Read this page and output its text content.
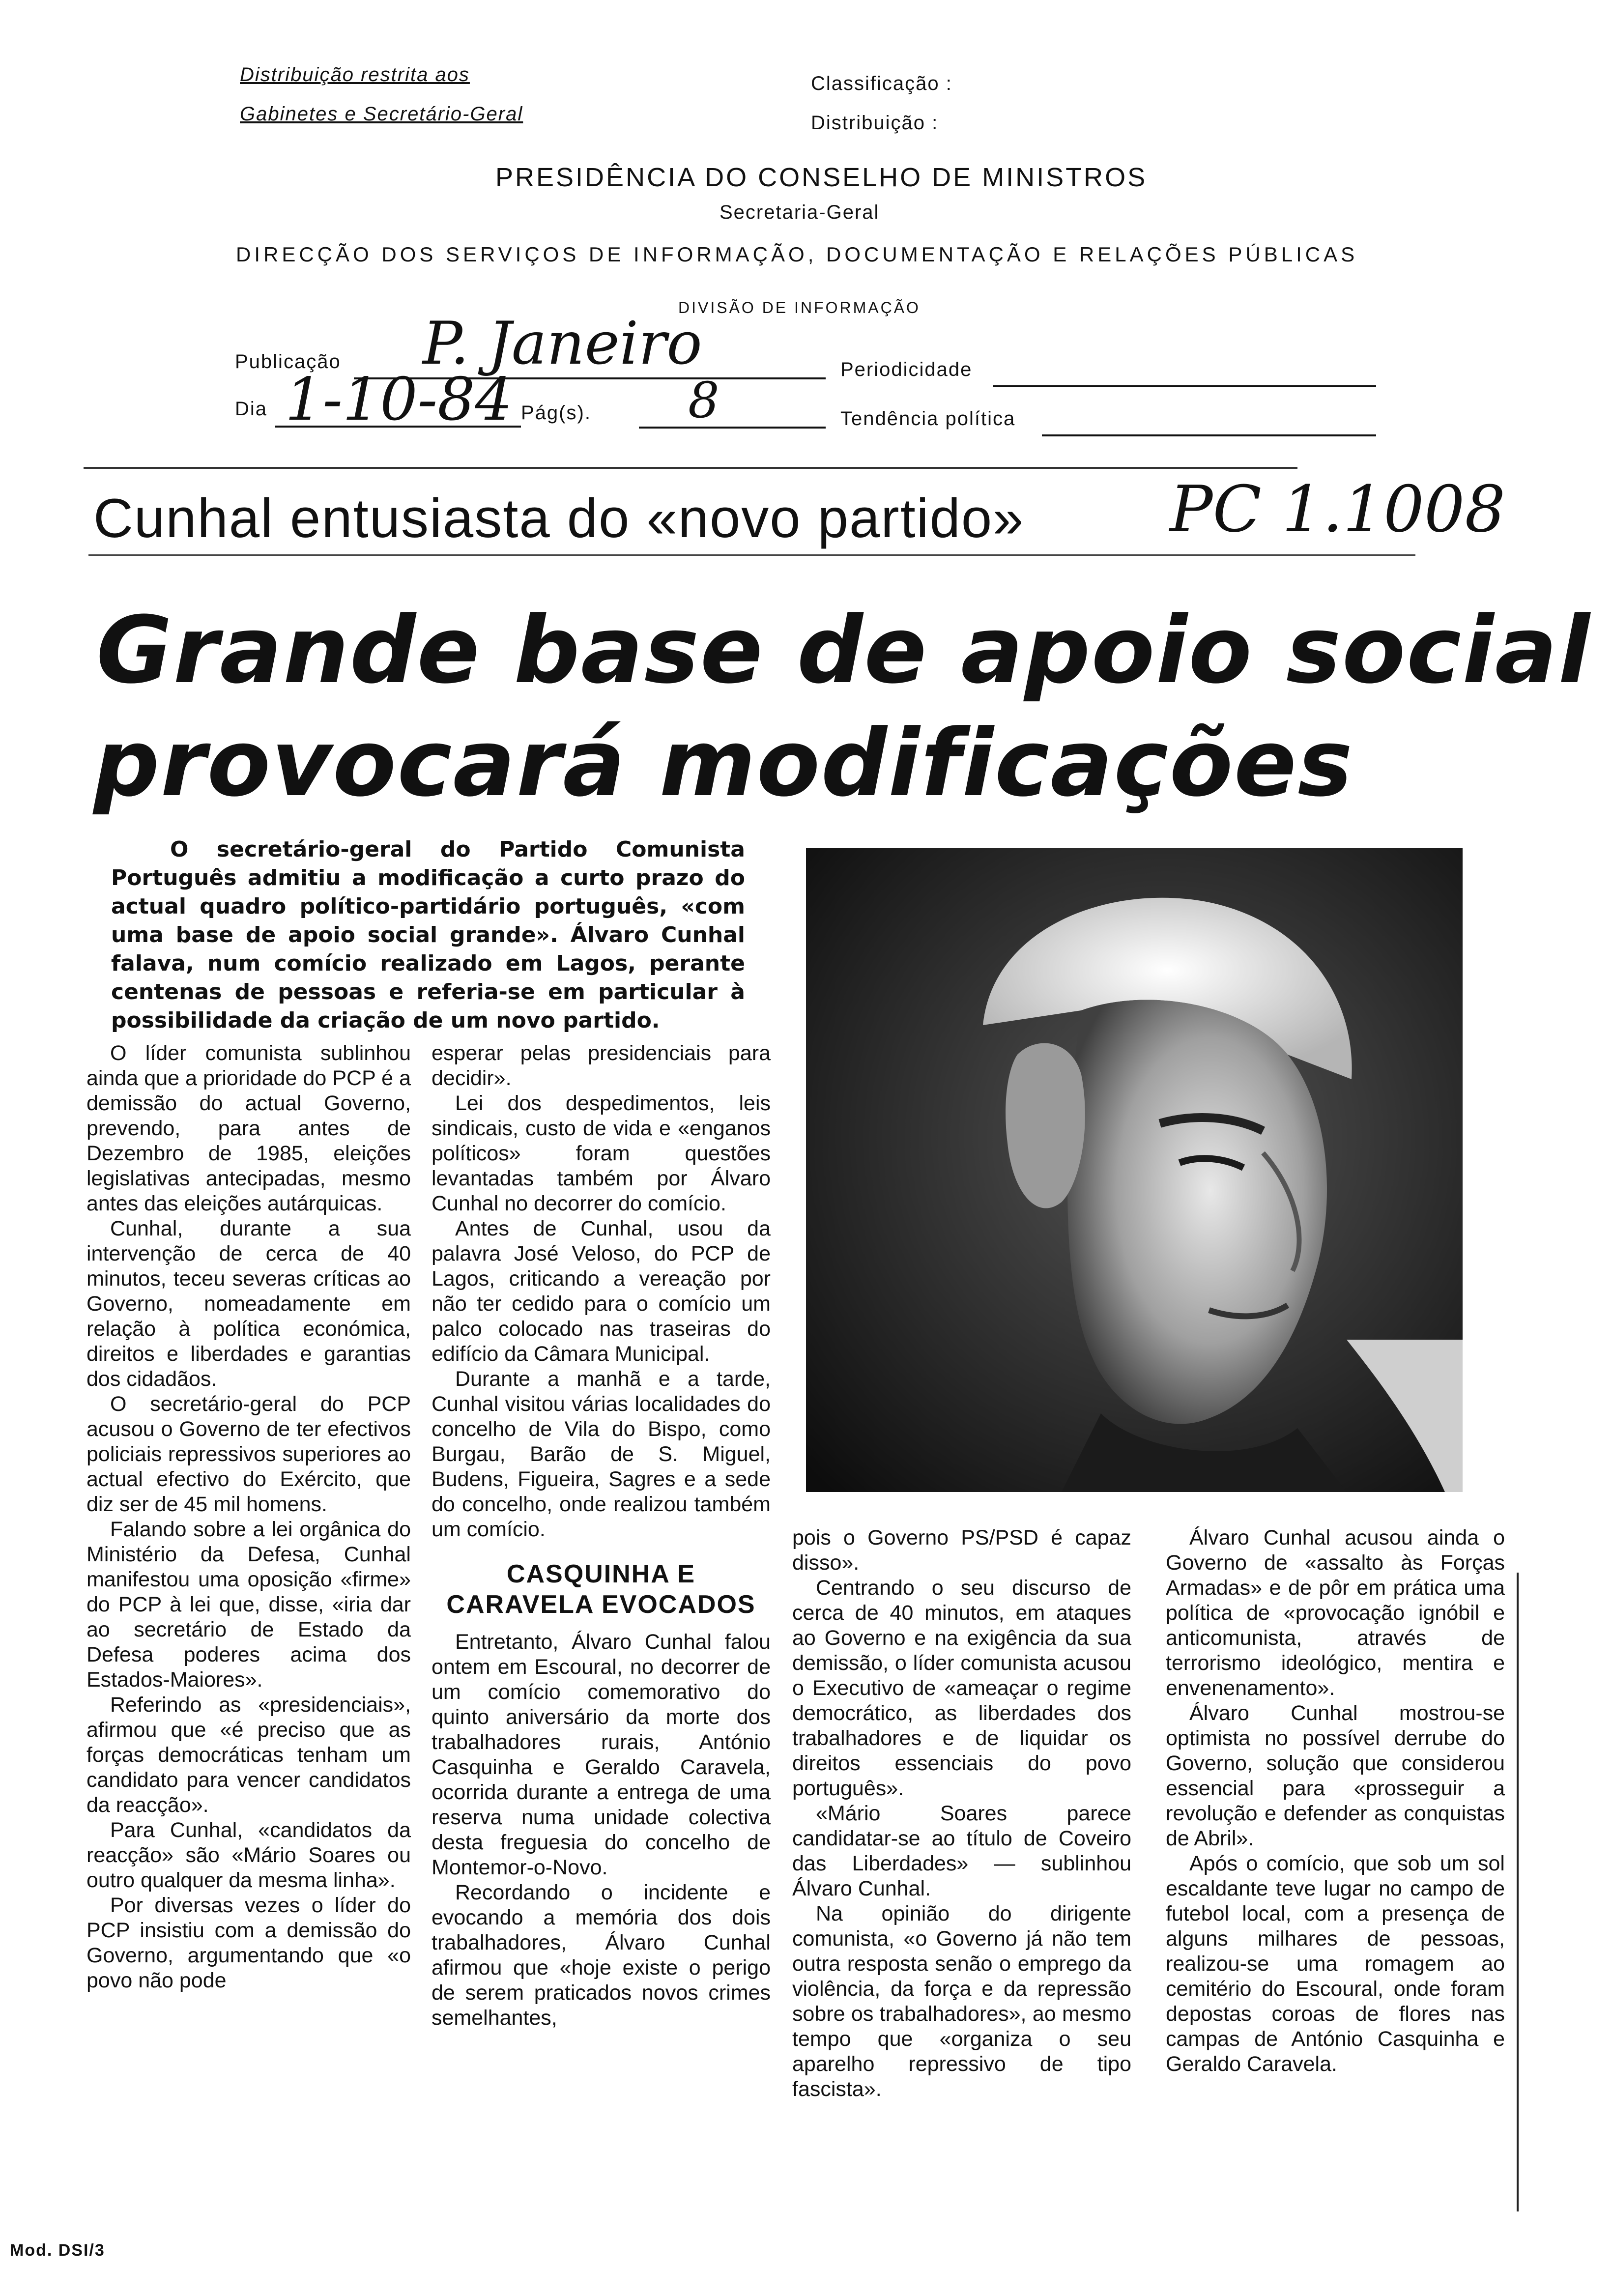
Distribuição restrita aos
Gabinetes e Secretário-Geral
Classificação :
Distribuição :
PRESIDÊNCIA DO CONSELHO DE MINISTROS
Secretaria-Geral
DIRECÇÃO DOS SERVIÇOS DE INFORMAÇÃO, DOCUMENTAÇÃO E RELAÇÕES PÚBLICAS
DIVISÃO DE INFORMAÇÃO
Publicação P. Janeiro	Periodicidade
Dia 1-10-84 Pág(s). 8	Tendência política
Cunhal entusiasta do «novo partido» PC 1.1008
Grande base de apoio social
provocará modificações
O secretário-geral do Partido Comunista Português admitiu a modificação a curto prazo do actual quadro político-partidário português, «com uma base de apoio social grande». Álvaro Cunhal falava, num comício realizado em Lagos, perante centenas de pessoas e referia-se em particular à possibilidade da criação de um novo partido.

O líder comunista sublinhou ainda que a prioridade do PCP é a demissão do actual Governo, prevendo, para antes de Dezembro de 1985, eleições legislativas antecipadas, mesmo antes das eleições autárquicas.

Cunhal, durante a sua intervenção de cerca de 40 minutos, teceu severas críticas ao Governo, nomeadamente em relação à política económica, direitos e liberdades e garantias dos cidadãos.

O secretário-geral do PCP acusou o Governo de ter efectivos policiais repressivos superiores ao actual efectivo do Exército, que diz ser de 45 mil homens.

Falando sobre a lei orgânica do Ministério da Defesa, Cunhal manifestou uma oposição «firme» do PCP à lei que, disse, «iria dar ao secretário de Estado da Defesa poderes acima dos Estados-Maiores».

Referindo as «presidenciais», afirmou que «é preciso que as forças democráticas tenham um candidato para vencer candidatos da reacção».

Para Cunhal, «candidatos da reacção» são «Mário Soares ou outro qualquer da mesma linha».

Por diversas vezes o líder do PCP insistiu com a demissão do Governo, argumentando que «o povo não pode

esperar pelas presidenciais para decidir».

Lei dos despedimentos, leis sindicais, custo de vida e «enganos políticos» foram questões levantadas também por Álvaro Cunhal no decorrer do comício.

Antes de Cunhal, usou da palavra José Veloso, do PCP de Lagos, criticando a vereação por não ter cedido para o comício um palco colocado nas traseiras do edifício da Câmara Municipal.

Durante a manhã e a tarde, Cunhal visitou várias localidades do concelho de Vila do Bispo, como Burgau, Barão de S. Miguel, Budens, Figueira, Sagres e a sede do concelho, onde realizou também um comício.

CASQUINHA E CARAVELA EVOCADOS

Entretanto, Álvaro Cunhal falou ontem em Escoural, no decorrer de um comício comemorativo do quinto aniversário da morte dos trabalhadores rurais, António Casquinha e Geraldo Caravela, ocorrida durante a entrega de uma reserva numa unidade colectiva desta freguesia do concelho de Montemor-o-Novo.

Recordando o incidente e evocando a memória dos dois trabalhadores, Álvaro Cunhal afirmou que «hoje existe o perigo de serem praticados novos crimes semelhantes,

pois o Governo PS/PSD é capaz disso».

Centrando o seu discurso de cerca de 40 minutos, em ataques ao Governo e na exigência da sua demissão, o líder comunista acusou o Executivo de «ameaçar o regime democrático, as liberdades dos trabalhadores e de liquidar os direitos essenciais do povo português».

«Mário Soares parece candidatar-se ao título de Coveiro das Liberdades» — sublinhou Álvaro Cunhal.

Na opinião do dirigente comunista, «o Governo já não tem outra resposta senão o emprego da violência, da força e da repressão sobre os trabalhadores», ao mesmo tempo que «organiza o seu aparelho repressivo de tipo fascista».

Álvaro Cunhal acusou ainda o Governo de «assalto às Forças Armadas» e de pôr em prática uma política de «provocação ignóbil e anticomunista, através de terrorismo ideológico, mentira e envenenamento».

Álvaro Cunhal mostrou-se optimista no possível derrube do Governo, solução que considerou essencial para «prosseguir a revolução e defender as conquistas de Abril».

Após o comício, que sob um sol escaldante teve lugar no campo de futebol local, com a presença de alguns milhares de pessoas, realizou-se uma romagem ao cemitério do Escoural, onde foram depostas coroas de flores nas campas de António Casquinha e Geraldo Caravela.

Mod. DSI/3
